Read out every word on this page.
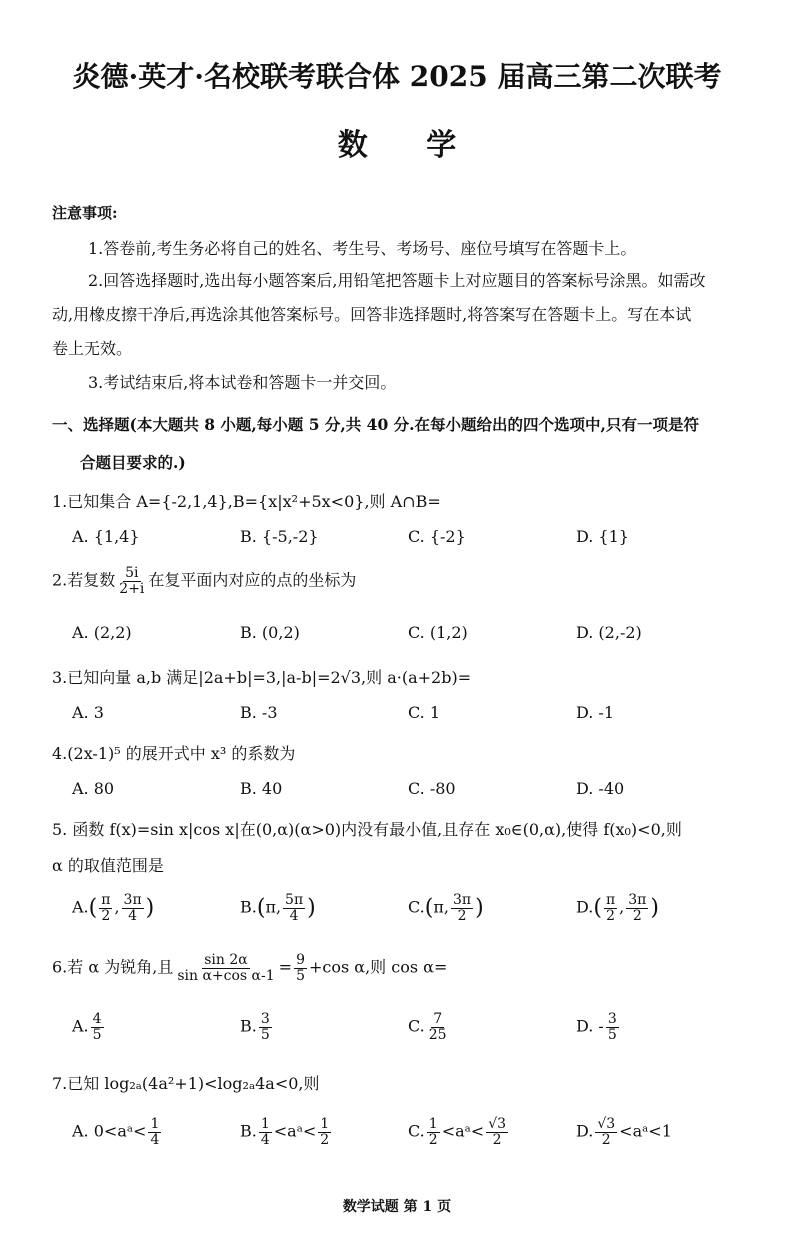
炎德·英才·名校联考联合体 2025 届高三第二次联考
数 学
注意事项:
1.答卷前,考生务必将自己的姓名、考生号、考场号、座位号填写在答题卡上。
2.回答选择题时,选出每小题答案后,用铅笔把答题卡上对应题目的答案标号涂黑。如需改
动,用橡皮擦干净后,再选涂其他答案标号。回答非选择题时,将答案写在答题卡上。写在本试
卷上无效。
3.考试结束后,将本试卷和答题卡一并交回。
一、选择题(本大题共 8 小题,每小题 5 分,共 40 分.在每小题给出的四个选项中,只有一项是符
合题目要求的.)
1.已知集合 A={-2,1,4},B={x|x²+5x<0},则 A∩B=
A. {1,4}	B. {-5,-2}	C. {-2}	D. {1}
2.若复数 $\frac{5i}{2+i}$ 在复平面内对应的点的坐标为
A. (2,2)	B. (0,2)	C. (1,2)	D. (2,-2)
3.已知向量 a,b 满足|2a+b|=3,|a-b|=2√3,则 a·(a+2b)=
A. 3	B. -3	C. 1	D. -1
4.(2x-1)⁵ 的展开式中 x³ 的系数为
A. 80	B. 40	C. -80	D. -40
5. 函数 f(x)=sin x|cos x|在(0,α)(α>0)内没有最小值,且存在 x₀∈(0,α),使得 f(x₀)<0,则
α 的取值范围是
$A.( \frac{\pi}{2}$ , $\frac{3\pi}{4}$ )	B.(π, $\frac{5\pi}{4}$ )	C.(π, $\frac{3\pi}{2}$ )	$D.( \frac{\pi}{2}$ , $\frac{3\pi}{2}$ )
6.若 α 为锐角,且 $\frac{\sin 2\alpha}{\text{sin α+cos α-1}} = \frac{9}{5} +\cos$ α,则 cos α=
A. $\frac{4}{5}$	B. $\frac{3}{5}$	C. $\frac{7}{25}$	D. - $\frac{3}{5}$
7.已知 log₂ₐ(4a²+1)<log₂ₐ4a<0,则
A. 0<aᵃ< $\frac{1}{4}$	B. $\frac{1}{4}$ <aᵃ< $\frac{1}{2}$	C. $\frac{1}{2}$ <aᵃ< $\frac{√3}{2}$	D. $\frac{√3}{2}$ <aᵃ<1
数学试题 第 1 页
